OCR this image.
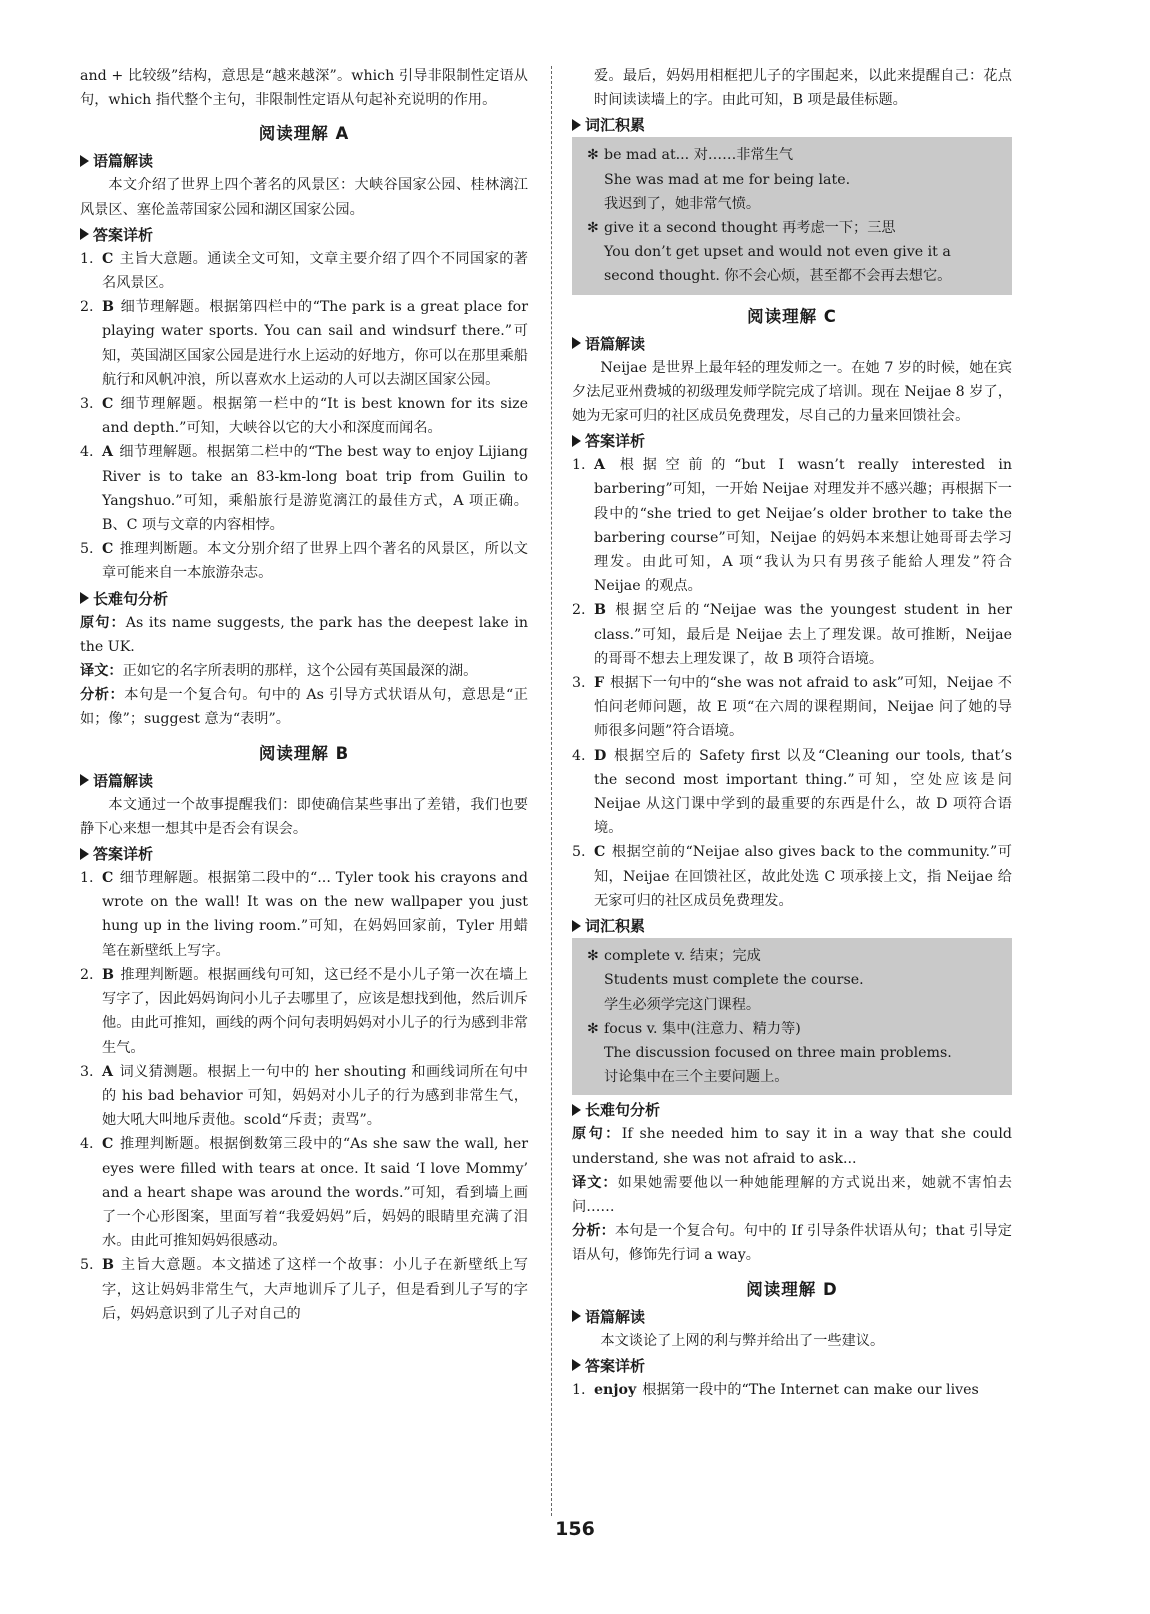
and + 比较级”结构，意思是“越来越深”。which 引导非限制性定语从句，which 指代整个主句，非限制性定语从句起补充说明的作用。

阅读理解 A
语篇解读

本文介绍了世界上四个著名的风景区：大峡谷国家公园、桂林漓江风景区、塞伦盖蒂国家公园和湖区国家公园。

答案详析
1. C 主旨大意题。通读全文可知，文章主要介绍了四个不同国家的著名风景区。
2. B 细节理解题。根据第四栏中的“The park is a great place for playing water sports. You can sail and windsurf there.”可知，英国湖区国家公园是进行水上运动的好地方，你可以在那里乘船航行和风帆冲浪，所以喜欢水上运动的人可以去湖区国家公园。
3. C 细节理解题。根据第一栏中的“It is best known for its size and depth.”可知，大峡谷以它的大小和深度而闻名。
4. A 细节理解题。根据第二栏中的“The best way to enjoy Lijiang River is to take an 83-km-long boat trip from Guilin to Yangshuo.”可知，乘船旅行是游览漓江的最佳方式，A 项正确。B、C 项与文章的内容相悖。
5. C 推理判断题。本文分别介绍了世界上四个著名的风景区，所以文章可能来自一本旅游杂志。
长难句分析

原句：As its name suggests, the park has the deepest lake in the UK.

译文：正如它的名字所表明的那样，这个公园有英国最深的湖。

分析：本句是一个复合句。句中的 As 引导方式状语从句，意思是“正如；像”；suggest 意为“表明”。

阅读理解 B
语篇解读

本文通过一个故事提醒我们：即使确信某些事出了差错，我们也要静下心来想一想其中是否会有误会。

答案详析
1. C 细节理解题。根据第二段中的“... Tyler took his crayons and wrote on the wall! It was on the new wallpaper you just hung up in the living room.”可知，在妈妈回家前，Tyler 用蜡笔在新壁纸上写字。
2. B 推理判断题。根据画线句可知，这已经不是小儿子第一次在墙上写字了，因此妈妈询问小儿子去哪里了，应该是想找到他，然后训斥他。由此可推知，画线的两个问句表明妈妈对小儿子的行为感到非常生气。
3. A 词义猜测题。根据上一句中的 her shouting 和画线词所在句中的 his bad behavior 可知，妈妈对小儿子的行为感到非常生气，她大吼大叫地斥责他。scold“斥责；责骂”。
4. C 推理判断题。根据倒数第三段中的“As she saw the wall, her eyes were filled with tears at once. It said ‘I love Mommy’ and a heart shape was around the words.”可知，看到墙上画了一个心形图案，里面写着“我爱妈妈”后，妈妈的眼睛里充满了泪水。由此可推知妈妈很感动。
5. B 主旨大意题。本文描述了这样一个故事：小儿子在新壁纸上写字，这让妈妈非常生气，大声地训斥了儿子，但是看到儿子写的字后，妈妈意识到了儿子对自己的

爱。最后，妈妈用相框把儿子的字围起来，以此来提醒自己：花点时间读读墙上的字。由此可知，B 项是最佳标题。

词汇积累
✻ be mad at... 对……非常生气
She was mad at me for being late.
我迟到了，她非常气愤。
✻ give it a second thought 再考虑一下；三思
You don’t get upset and would not even give it a second thought. 你不会心烦，甚至都不会再去想它。
阅读理解 C
语篇解读

Neijae 是世界上最年轻的理发师之一。在她 7 岁的时候，她在宾夕法尼亚州费城的初级理发师学院完成了培训。现在 Neijae 8 岁了，她为无家可归的社区成员免费理发，尽自己的力量来回馈社会。

答案详析
1. A 根据空前的“but I wasn’t really interested in barbering”可知，一开始 Neijae 对理发并不感兴趣；再根据下一段中的“she tried to get Neijae’s older brother to take the barbering course”可知，Neijae 的妈妈本来想让她哥哥去学习理发。由此可知，A 项“我认为只有男孩子能給人理发”符合 Neijae 的观点。
2. B 根据空后的“Neijae was the youngest student in her class.”可知，最后是 Neijae 去上了理发课。故可推断，Neijae 的哥哥不想去上理发课了，故 B 项符合语境。
3. F 根据下一句中的“she was not afraid to ask”可知，Neijae 不怕问老师问题，故 E 项“在六周的课程期间，Neijae 问了她的导师很多问题”符合语境。
4. D 根据空后的 Safety first 以及“Cleaning our tools, that’s the second most important thing.”可知，空处应该是问 Neijae 从这门课中学到的最重要的东西是什么，故 D 项符合语境。
5. C 根据空前的“Neijae also gives back to the community.”可知，Neijae 在回馈社区，故此处选 C 项承接上文，指 Neijae 给无家可归的社区成员免费理发。
词汇积累
✻ complete v. 结束；完成
Students must complete the course.
学生必须学完这门课程。
✻ focus v. 集中(注意力、精力等)
The discussion focused on three main problems.
讨论集中在三个主要问题上。
长难句分析

原句：If she needed him to say it in a way that she could understand, she was not afraid to ask...

译文：如果她需要他以一种她能理解的方式说出来，她就不害怕去问……

分析：本句是一个复合句。句中的 If 引导条件状语从句；that 引导定语从句，修饰先行词 a way。

阅读理解 D
语篇解读

本文谈论了上网的利与弊并给出了一些建议。

答案详析
1. enjoy 根据第一段中的“The Internet can make our lives
156
